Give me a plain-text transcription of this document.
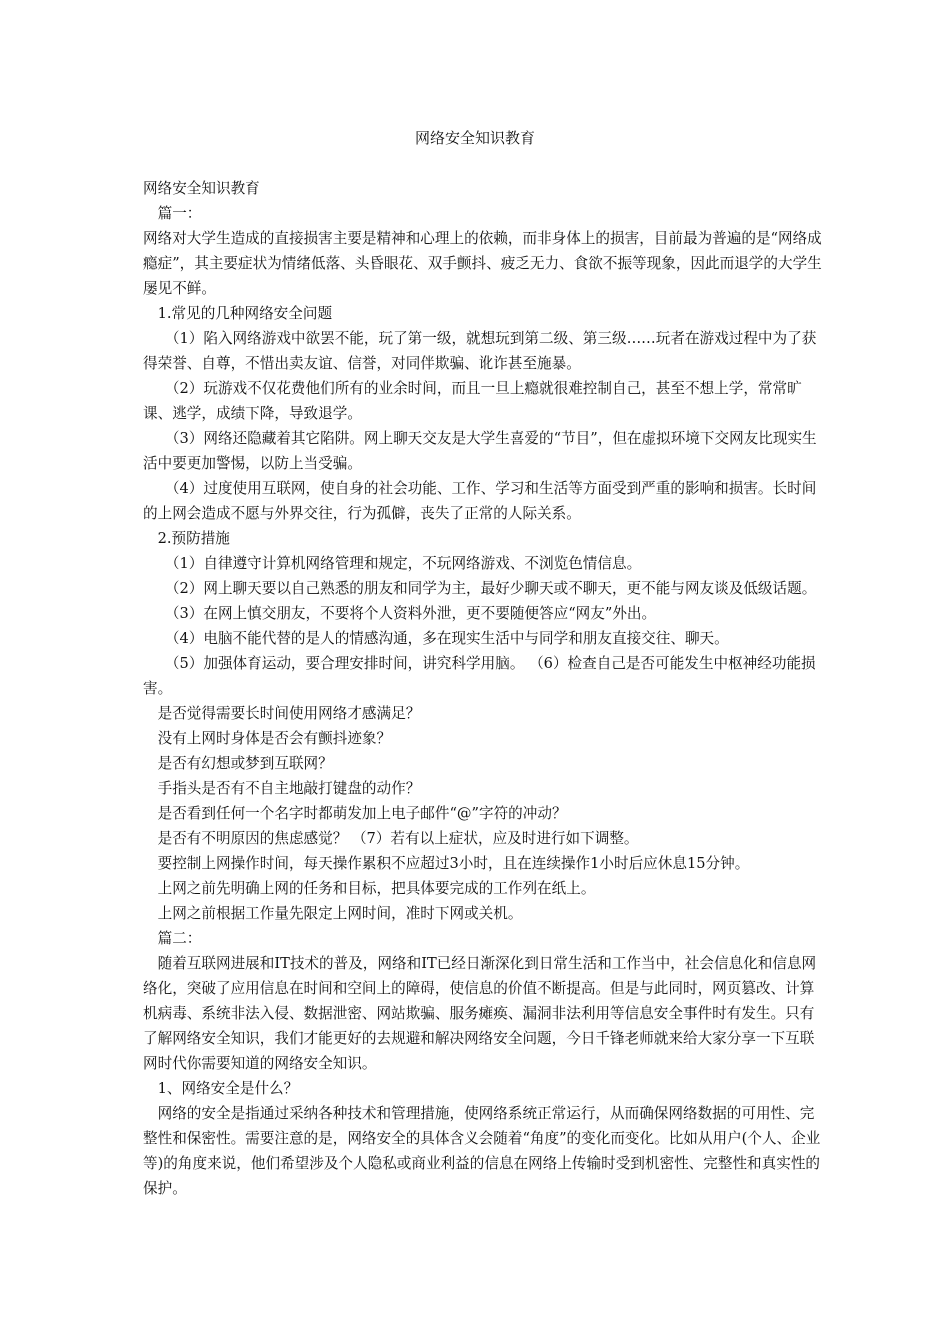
网络安全知识教育

网络安全知识教育

篇一：

网络对大学生造成的直接损害主要是精神和心理上的依赖，而非身体上的损害，目前最为普遍的是“网络成瘾症”，其主要症状为情绪低落、头昏眼花、双手颤抖、疲乏无力、食欲不振等现象，因此而退学的大学生屡见不鲜。

1.常见的几种网络安全问题

（1）陷入网络游戏中欲罢不能，玩了第一级，就想玩到第二级、第三级……玩者在游戏过程中为了获得荣誉、自尊，不惜出卖友谊、信誉，对同伴欺骗、讹诈甚至施暴。

（2）玩游戏不仅花费他们所有的业余时间，而且一旦上瘾就很难控制自己，甚至不想上学，常常旷课、逃学，成绩下降，导致退学。

（3）网络还隐藏着其它陷阱。网上聊天交友是大学生喜爱的“节目”，但在虚拟环境下交网友比现实生活中要更加警惕，以防上当受骗。

（4）过度使用互联网，使自身的社会功能、工作、学习和生活等方面受到严重的影响和损害。长时间的上网会造成不愿与外界交往，行为孤僻，丧失了正常的人际关系。

2.预防措施

（1）自律遵守计算机网络管理和规定，不玩网络游戏、不浏览色情信息。

（2）网上聊天要以自己熟悉的朋友和同学为主，最好少聊天或不聊天，更不能与网友谈及低级话题。

（3）在网上慎交朋友，不要将个人资料外泄，更不要随便答应“网友”外出。

（4）电脑不能代替的是人的情感沟通，多在现实生活中与同学和朋友直接交往、聊天。

（5）加强体育运动，要合理安排时间，讲究科学用脑。 （6）检查自己是否可能发生中枢神经功能损害。

是否觉得需要长时间使用网络才感满足？

没有上网时身体是否会有颤抖迹象？

是否有幻想或梦到互联网？

手指头是否有不自主地敲打键盘的动作？

是否看到任何一个名字时都萌发加上电子邮件“@”字符的冲动？

是否有不明原因的焦虑感觉？ （7）若有以上症状，应及时进行如下调整。

要控制上网操作时间，每天操作累积不应超过3小时，且在连续操作1小时后应休息15分钟。

上网之前先明确上网的任务和目标，把具体要完成的工作列在纸上。

上网之前根据工作量先限定上网时间，准时下网或关机。

篇二：

随着互联网进展和IT技术的普及，网络和IT已经日渐深化到日常生活和工作当中，社会信息化和信息网络化，突破了应用信息在时间和空间上的障碍，使信息的价值不断提高。但是与此同时，网页篡改、计算机病毒、系统非法入侵、数据泄密、网站欺骗、服务瘫痪、漏洞非法利用等信息安全事件时有发生。只有了解网络安全知识，我们才能更好的去规避和解决网络安全问题，今日千锋老师就来给大家分享一下互联网时代你需要知道的网络安全知识。

1、网络安全是什么？

网络的安全是指通过采纳各种技术和管理措施，使网络系统正常运行，从而确保网络数据的可用性、完整性和保密性。需要注意的是，网络安全的具体含义会随着“角度”的变化而变化。比如从用户(个人、企业等)的角度来说，他们希望涉及个人隐私或商业利益的信息在网络上传输时受到机密性、完整性和真实性的保护。
